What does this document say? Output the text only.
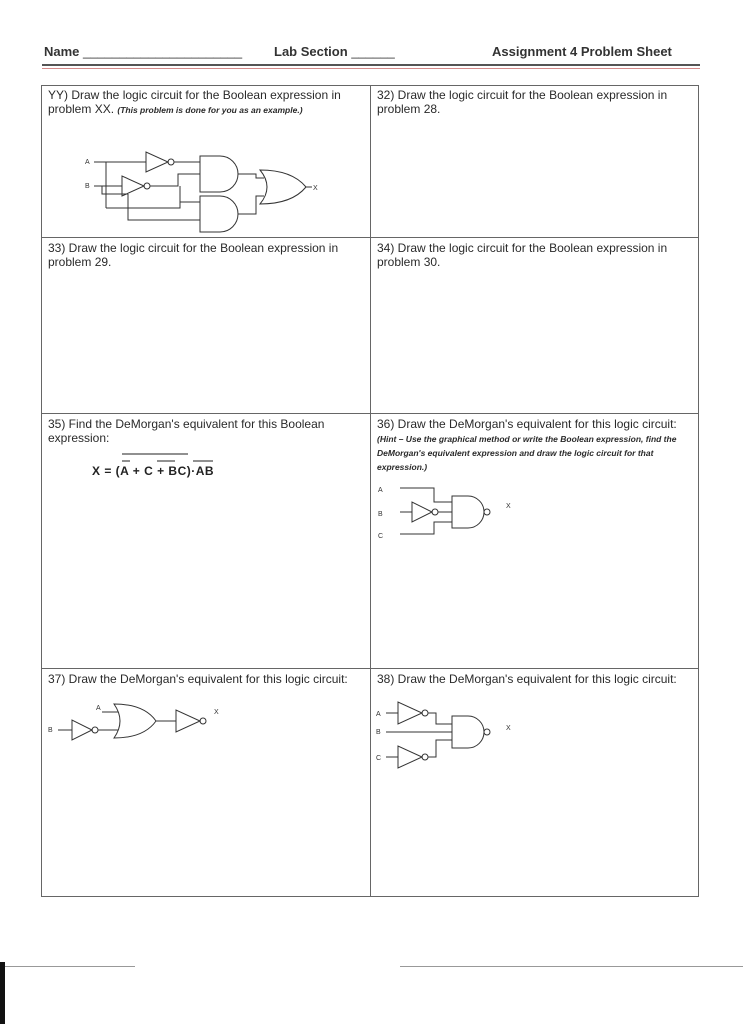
Name ______________________ Lab Section ______	Assignment 4 Problem Sheet
YY) Draw the logic circuit for the Boolean expression in problem XX. (This problem is done for you as an example.)
A
B	X
32) Draw the logic circuit for the Boolean expression in problem 28.
33) Draw the logic circuit for the Boolean expression in problem 29.
34) Draw the logic circuit for the Boolean expression in problem 30.
35) Find the DeMorgan's equivalent for this Boolean expression:
X = (A + C + BC)·AB
36) Draw the DeMorgan's equivalent for this logic circuit: (Hint – Use the graphical method or write the Boolean expression, find the DeMorgan's equivalent expression and draw the logic circuit for that expression.)
A
B
C
X
37) Draw the DeMorgan's equivalent for this logic circuit:
A
B
X
38) Draw the DeMorgan's equivalent for this logic circuit:
A
B
C
X
